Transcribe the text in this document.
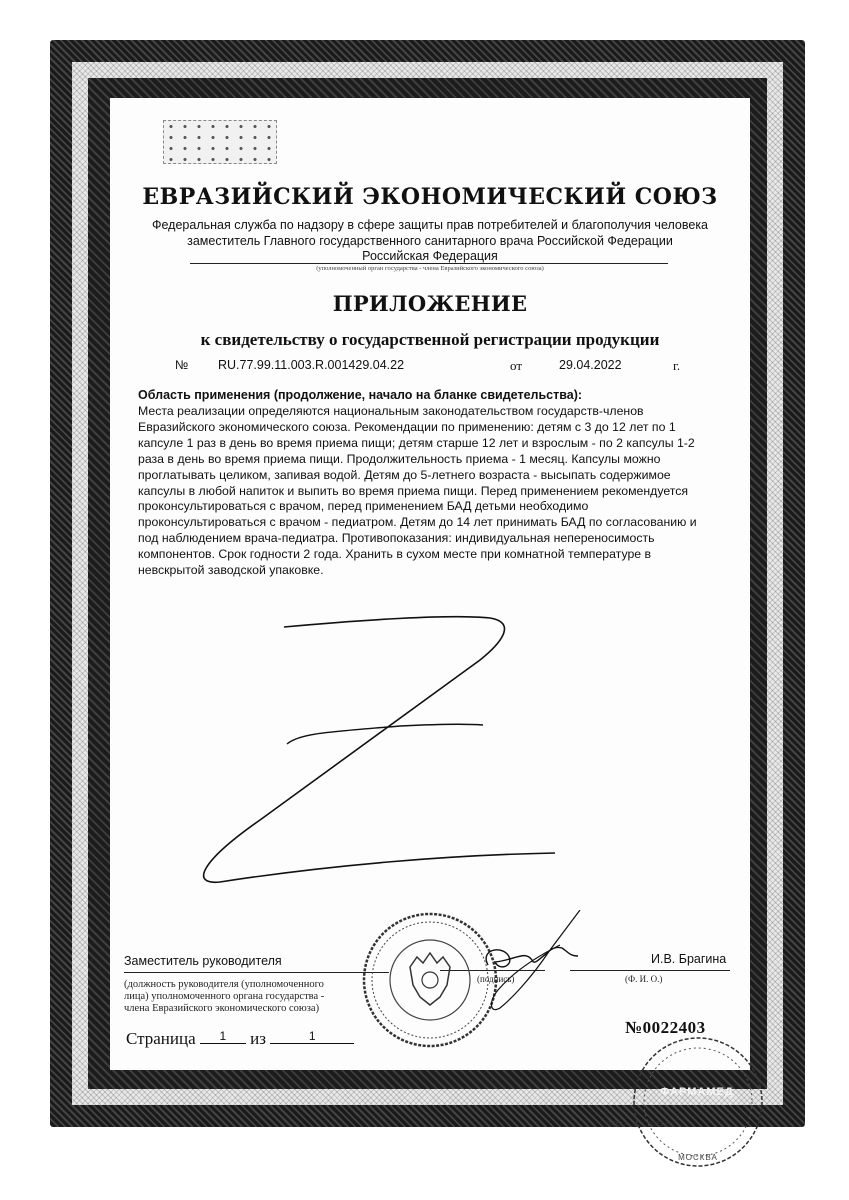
ФАРМАМЕД
ООО «...» ... 2021 г.
ЕВРАЗИЙСКИЙ ЭКОНОМИЧЕСКИЙ СОЮЗ
Федеральная служба по надзору в сфере защиты прав потребителей и благополучия человека
заместитель Главного государственного санитарного врача Российской Федерации
Российская Федерация
(уполномоченный орган государства - члена Евразийского экономического союза)
ПРИЛОЖЕНИЕ
к свидетельству о государственной регистрации продукции
№ RU.77.99.11.003.R.001429.04.22	от	29.04.2022	г.
Область применения (продолжение, начало на бланке свидетельства):
Места реализации определяются национальным законодательством государств-членов
Евразийского экономического союза. Рекомендации по применению: детям с 3 до 12 лет по 1
капсуле 1 раз в день во время приема пищи; детям старше 12 лет и взрослым - по 2 капсулы 1-2
раза в день во время приема пищи. Продолжительность приема - 1 месяц. Капсулы можно
проглатывать целиком, запивая водой. Детям до 5-летнего возраста - высыпать содержимое
капсулы в любой напиток и выпить во время приема пищи. Перед применением рекомендуется
проконсультироваться с врачом, перед применением БАД детьми необходимо
проконсультироваться с врачом - педиатром. Детям до 14 лет принимать БАД по согласованию и
под наблюдением врача-педиатра. Противопоказания: индивидуальная непереносимость
компонентов. Срок годности 2 года. Хранить в сухом месте при комнатной температуре в
невскрытой заводской упаковке.
Заместитель руководителя
(должность руководителя (уполномоченного
лица) уполномоченного органа государства -
члена Евразийского экономического союза)
(подпись)
И.В. Брагина
(Ф. И. О.)
Страница 1 из	1	№0022403
МОСКВА
